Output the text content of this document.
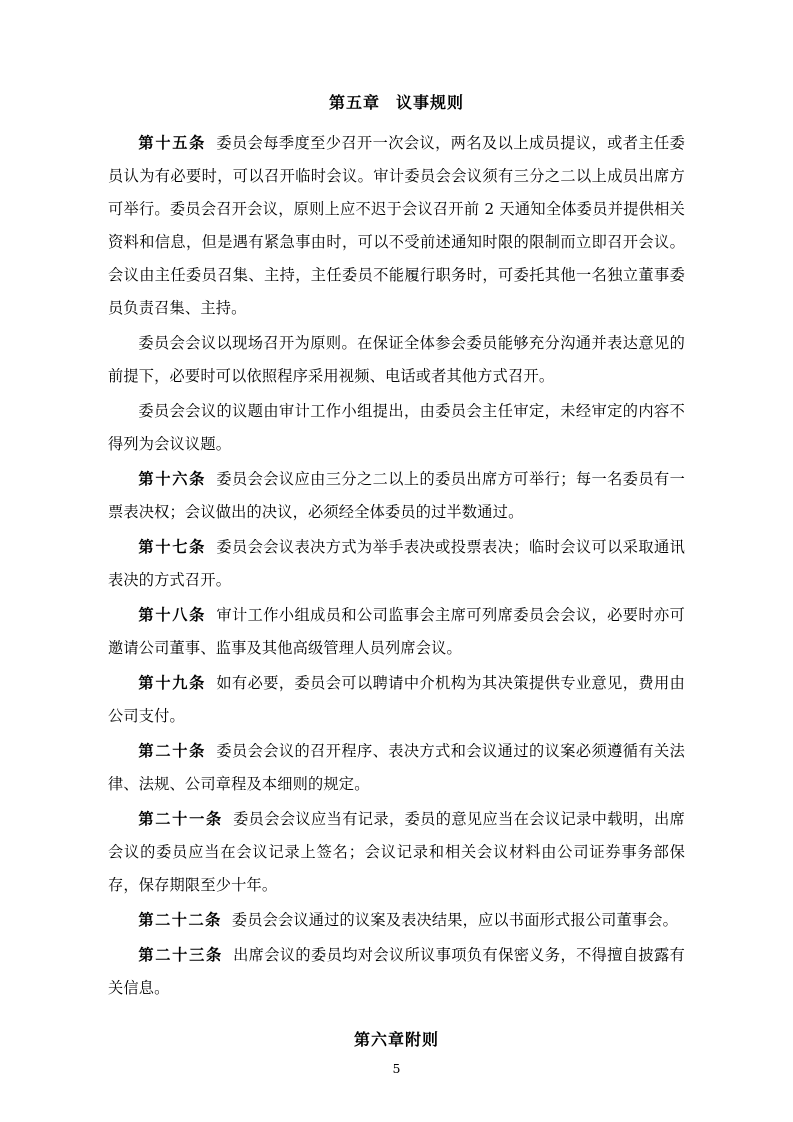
第五章 议事规则

第十五条 委员会每季度至少召开一次会议，两名及以上成员提议，或者主任委员认为有必要时，可以召开临时会议。审计委员会会议须有三分之二以上成员出席方可举行。委员会召开会议，原则上应不迟于会议召开前 2 天通知全体委员并提供相关资料和信息，但是遇有紧急事由时，可以不受前述通知时限的限制而立即召开会议。会议由主任委员召集、主持，主任委员不能履行职务时，可委托其他一名独立董事委员负责召集、主持。

委员会会议以现场召开为原则。在保证全体参会委员能够充分沟通并表达意见的前提下，必要时可以依照程序采用视频、电话或者其他方式召开。

委员会会议的议题由审计工作小组提出，由委员会主任审定，未经审定的内容不得列为会议议题。

第十六条 委员会会议应由三分之二以上的委员出席方可举行；每一名委员有一票表决权；会议做出的决议，必须经全体委员的过半数通过。

第十七条 委员会会议表决方式为举手表决或投票表决；临时会议可以采取通讯表决的方式召开。

第十八条 审计工作小组成员和公司监事会主席可列席委员会会议，必要时亦可邀请公司董事、监事及其他高级管理人员列席会议。

第十九条 如有必要，委员会可以聘请中介机构为其决策提供专业意见，费用由公司支付。

第二十条 委员会会议的召开程序、表决方式和会议通过的议案必须遵循有关法律、法规、公司章程及本细则的规定。

第二十一条 委员会会议应当有记录，委员的意见应当在会议记录中载明，出席会议的委员应当在会议记录上签名；会议记录和相关会议材料由公司证券事务部保存，保存期限至少十年。

第二十二条 委员会会议通过的议案及表决结果，应以书面形式报公司董事会。

第二十三条 出席会议的委员均对会议所议事项负有保密义务，不得擅自披露有关信息。

第六章附则
5
